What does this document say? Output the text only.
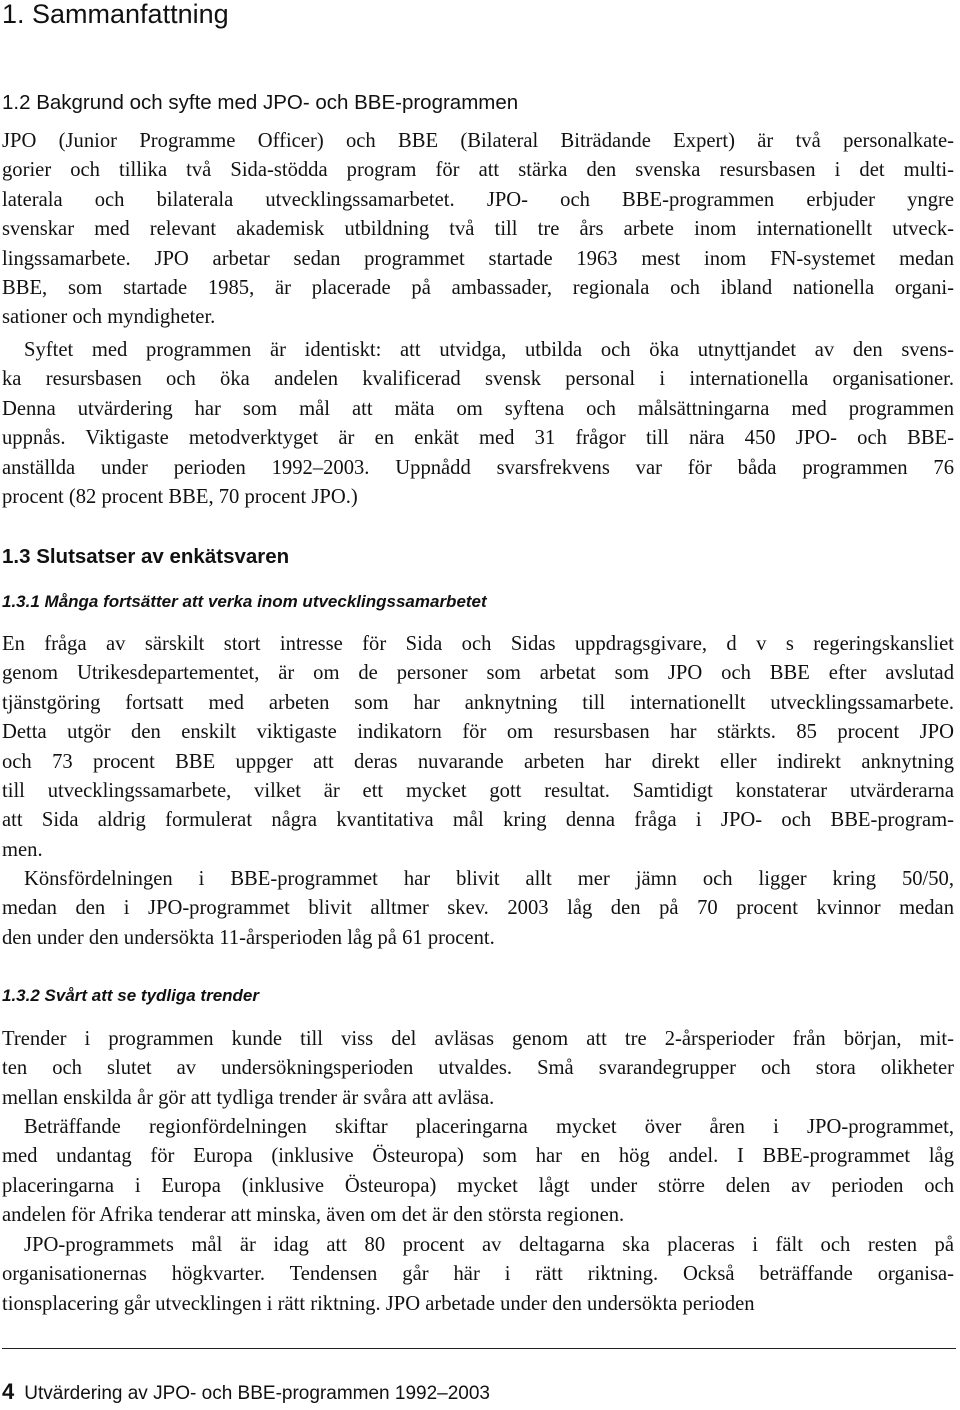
1. Sammanfattning
1.2 Bakgrund och syfte med JPO- och BBE-programmen
JPO (Junior Programme Officer) och BBE (Bilateral Biträdande Expert) är två personalkate-
gorier och tillika två Sida-stödda program för att stärka den svenska resursbasen i det multi-
laterala och bilaterala utvecklingssamarbetet. JPO- och BBE-programmen erbjuder yngre
svenskar med relevant akademisk utbildning två till tre års arbete inom internationellt utveck-
lingssamarbete. JPO arbetar sedan programmet startade 1963 mest inom FN-systemet medan
BBE, som startade 1985, är placerade på ambassader, regionala och ibland nationella organi-
sationer och myndigheter.
Syftet med programmen är identiskt: att utvidga, utbilda och öka utnyttjandet av den svens-
ka resursbasen och öka andelen kvalificerad svensk personal i internationella organisationer.
Denna utvärdering har som mål att mäta om syftena och målsättningarna med programmen
uppnås. Viktigaste metodverktyget är en enkät med 31 frågor till nära 450 JPO- och BBE-
anställda under perioden 1992–2003. Uppnådd svarsfrekvens var för båda programmen 76
procent (82 procent BBE, 70 procent JPO.)
1.3 Slutsatser av enkätsvaren
1.3.1 Många fortsätter att verka inom utvecklingssamarbetet
En fråga av särskilt stort intresse för Sida och Sidas uppdragsgivare, d v s regeringskansliet
genom Utrikesdepartementet, är om de personer som arbetat som JPO och BBE efter avslutad
tjänstgöring fortsatt med arbeten som har anknytning till internationellt utvecklingssamarbete.
Detta utgör den enskilt viktigaste indikatorn för om resursbasen har stärkts. 85 procent JPO
och 73 procent BBE uppger att deras nuvarande arbeten har direkt eller indirekt anknytning
till utvecklingssamarbete, vilket är ett mycket gott resultat. Samtidigt konstaterar utvärderarna
att Sida aldrig formulerat några kvantitativa mål kring denna fråga i JPO- och BBE-program-
men.
Könsfördelningen i BBE-programmet har blivit allt mer jämn och ligger kring 50/50,
medan den i JPO-programmet blivit alltmer skev. 2003 låg den på 70 procent kvinnor medan
den under den undersökta 11-årsperioden låg på 61 procent.
1.3.2 Svårt att se tydliga trender
Trender i programmen kunde till viss del avläsas genom att tre 2-årsperioder från början, mit-
ten och slutet av undersökningsperioden utvaldes. Små svarandegrupper och stora olikheter
mellan enskilda år gör att tydliga trender är svåra att avläsa.
Beträffande regionfördelningen skiftar placeringarna mycket över åren i JPO-programmet,
med undantag för Europa (inklusive Östeuropa) som har en hög andel. I BBE-programmet låg
placeringarna i Europa (inklusive Östeuropa) mycket lågt under större delen av perioden och
andelen för Afrika tenderar att minska, även om det är den största regionen.
JPO-programmets mål är idag att 80 procent av deltagarna ska placeras i fält och resten på
organisationernas högkvarter. Tendensen går här i rätt riktning. Också beträffande organisa-
tionsplacering går utvecklingen i rätt riktning. JPO arbetade under den undersökta perioden
4 Utvärdering av JPO- och BBE-programmen 1992–2003
